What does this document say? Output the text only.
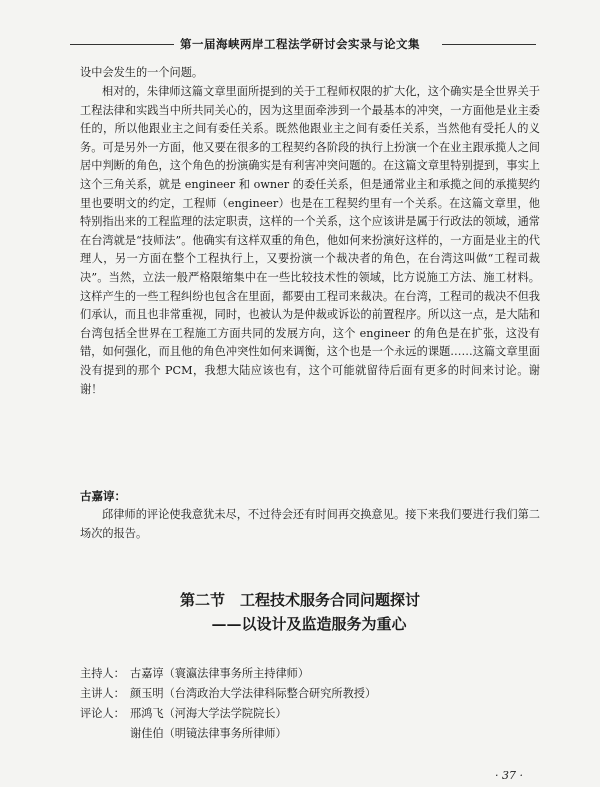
第一届海峡两岸工程法学研讨会实录与论文集
设中会发生的一个问题。
相对的，朱律师这篇文章里面所提到的关于工程师权限的扩大化，这个确实是全世界关于工程法律和实践当中所共同关心的，因为这里面牵涉到一个最基本的冲突，一方面他是业主委任的，所以他跟业主之间有委任关系。既然他跟业主之间有委任关系，当然他有受托人的义务。可是另外一方面，他又要在很多的工程契约各阶段的执行上扮演一个在业主跟承揽人之间居中判断的角色，这个角色的扮演确实是有利害冲突问题的。在这篇文章里特别提到，事实上这个三角关系，就是 engineer 和 owner 的委任关系，但是通常业主和承揽之间的承揽契约里也要明文的约定，工程师（engineer）也是在工程契约里有一个关系。在这篇文章里，他特别指出来的工程监理的法定职责，这样的一个关系，这个应该讲是属于行政法的领域，通常在台湾就是“技师法”。他确实有这样双重的角色，他如何来扮演好这样的，一方面是业主的代理人，另一方面在整个工程执行上，又要扮演一个裁决者的角色，在台湾这叫做“工程司裁决”。当然，立法一般严格限缩集中在一些比较技术性的领域，比方说施工方法、施工材料。这样产生的一些工程纠纷也包含在里面，都要由工程司来裁决。在台湾，工程司的裁决不但我们承认，而且也非常重视，同时，也被认为是仲裁或诉讼的前置程序。所以这一点，是大陆和台湾包括全世界在工程施工方面共同的发展方向，这个 engineer 的角色是在扩张，这没有错，如何强化，而且他的角色冲突性如何来调衡，这个也是一个永远的课题……这篇文章里面没有提到的那个 PCM，我想大陆应该也有，这个可能就留待后面有更多的时间来讨论。谢谢！
古嘉谆：
邱律师的评论使我意犹未尽，不过待会还有时间再交换意见。接下来我们要进行我们第二场次的报告。
第二节　工程技术服务合同问题探讨
——以设计及监造服务为重心
主持人： 古嘉谆（寰瀛法律事务所主持律师）
主讲人： 颜玉明（台湾政治大学法律科际整合研究所教授）
评论人： 邢鸿飞（河海大学法学院院长）
谢佳伯（明镜法律事务所律师）
· 37 ·
